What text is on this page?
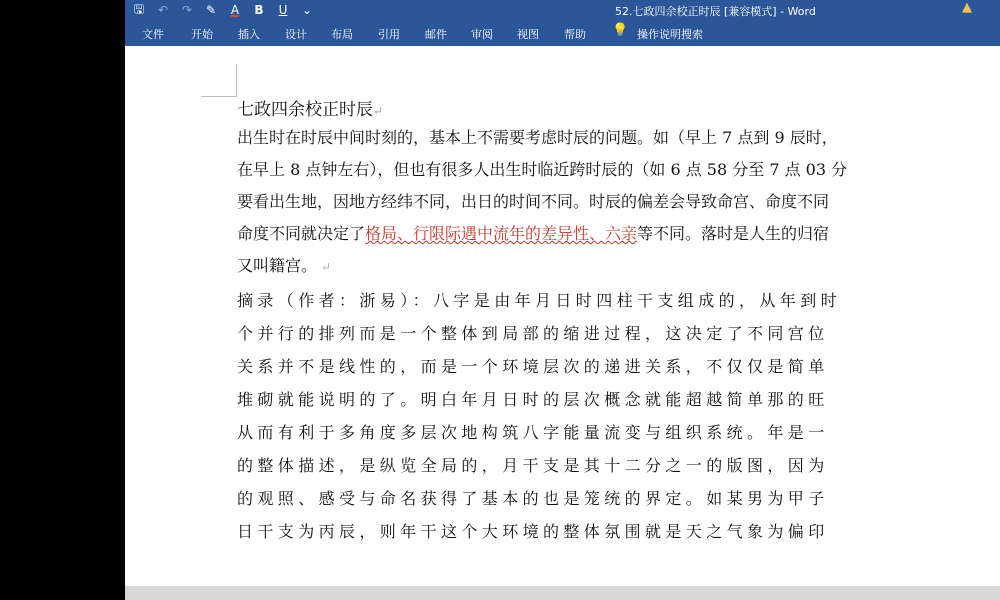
🖫 ↶ ↷ ✎ A B U ⌄	52.七政四余校正时辰 [兼容模式] - Word	▲
文件 开始 插入 设计 布局 引用 邮件 审阅 视图 帮助 💡 操作说明搜索
七政四余校正时辰↵
出生时在时辰中间时刻的，基本上不需要考虑时辰的问题。如（早上 7 点到 9 辰时，
在早上 8 点钟左右），但也有很多人出生时临近跨时辰的（如 6 点 58 分至 7 点 03 分
要看出生地，因地方经纬不同，出日的时间不同。时辰的偏差会导致命宫、命度不同
命度不同就决定了格局、行限际遇中流年的差异性、六亲等不同。落时是人生的归宿
又叫籍宫。 ↵
摘录（作者：浙易）：八字是由年月日时四柱干支组成的，从年到时
个并行的排列而是一个整体到局部的缩进过程，这决定了不同宫位
关系并不是线性的，而是一个环境层次的递进关系，不仅仅是简单
堆砌就能说明的了。明白年月日时的层次概念就能超越简单那的旺
从而有利于多角度多层次地构筑八字能量流变与组织系统。年是一
的整体描述，是纵览全局的，月干支是其十二分之一的版图，因为
的观照、感受与命名获得了基本的也是笼统的界定。如某男为甲子
日干支为丙辰，则年干这个大环境的整体氛围就是天之气象为偏印
